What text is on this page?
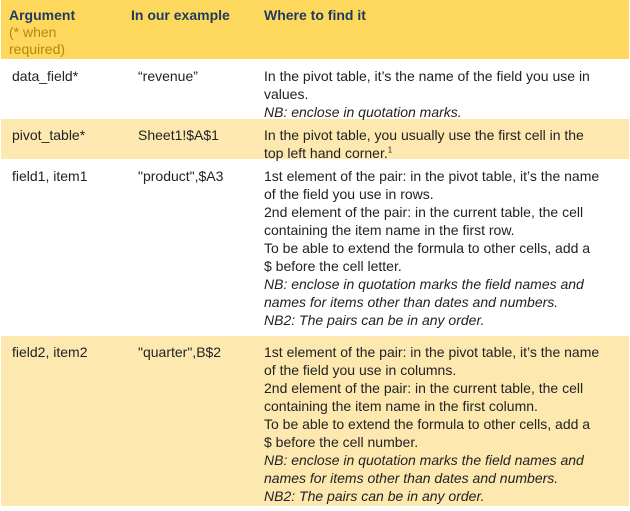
Argument
(* when
required)
In our example	Where to find it
data_field*	“revenue”	In the pivot table, it’s the name of the field you use in
values.
NB: enclose in quotation marks.
pivot_table*	Sheet1!$A$1	In the pivot table, you usually use the first cell in the
top left hand corner.$^1$
field1, item1	"product",$A3	1st element of the pair: in the pivot table, it’s the name
of the field you use in rows.
2nd element of the pair: in the current table, the cell
containing the item name in the first row.
To be able to extend the formula to other cells, add a
$ before the cell letter.
NB: enclose in quotation marks the field names and
names for items other than dates and numbers.
NB2: The pairs can be in any order.
field2, item2	"quarter",B$2	1st element of the pair: in the pivot table, it’s the name
of the field you use in columns.
2nd element of the pair: in the current table, the cell
containing the item name in the first column.
To be able to extend the formula to other cells, add a
$ before the cell number.
NB: enclose in quotation marks the field names and
names for items other than dates and numbers.
NB2: The pairs can be in any order.
